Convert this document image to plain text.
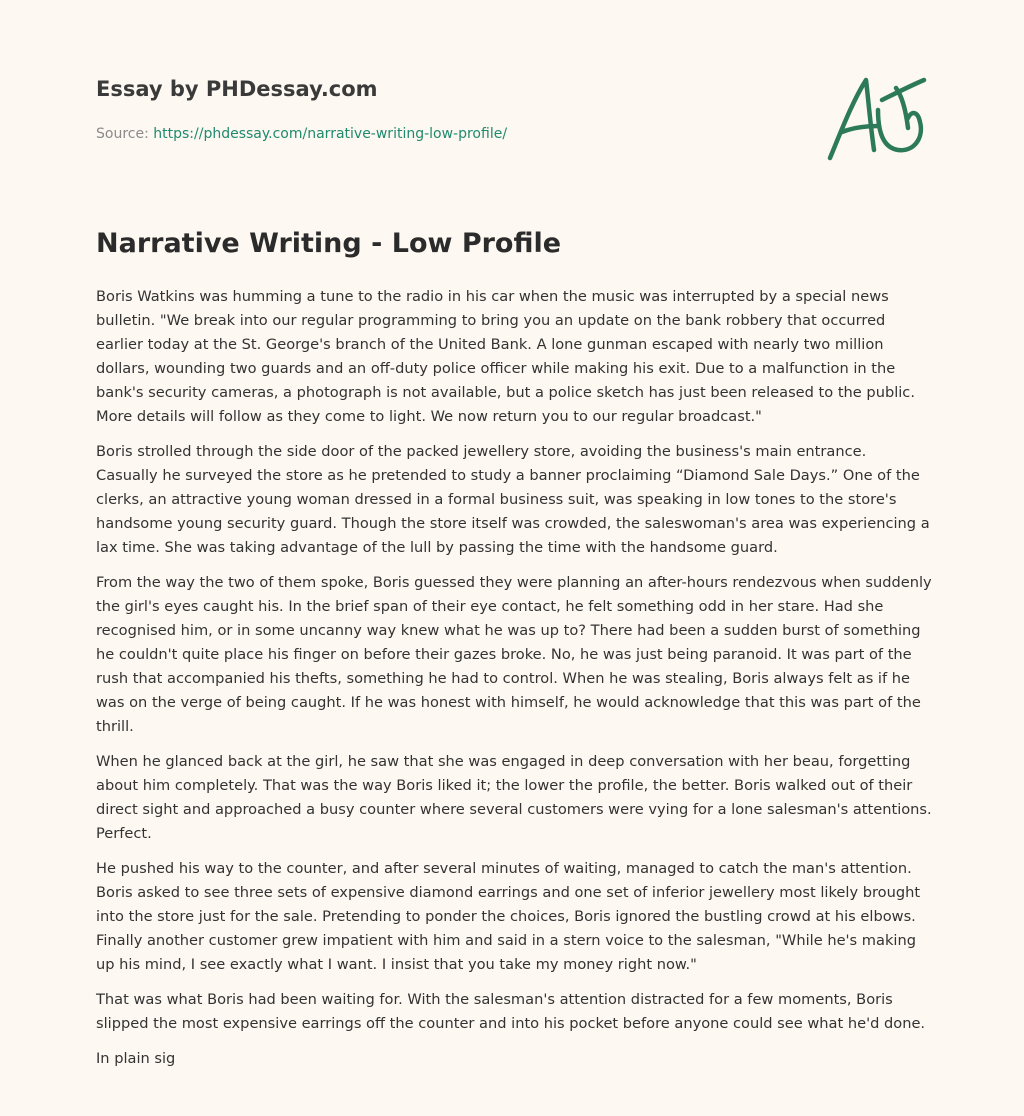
Essay by PHDessay.com
Source: https://phdessay.com/narrative-writing-low-profile/
Narrative Writing - Low Profile

Boris Watkins was humming a tune to the radio in his car when the music was interrupted by a special news bulletin. "We break into our regular programming to bring you an update on the bank robbery that occurred earlier today at the St. George's branch of the United Bank. A lone gunman escaped with nearly two million dollars, wounding two guards and an off-duty police officer while making his exit. Due to a malfunction in the bank's security cameras, a photograph is not available, but a police sketch has just been released to the public. More details will follow as they come to light. We now return you to our regular broadcast."

Boris strolled through the side door of the packed jewellery store, avoiding the business's main entrance. Casually he surveyed the store as he pretended to study a banner proclaiming “Diamond Sale Days.” One of the clerks, an attractive young woman dressed in a formal business suit, was speaking in low tones to the store's handsome young security guard. Though the store itself was crowded, the saleswoman's area was experiencing a lax time. She was taking advantage of the lull by passing the time with the handsome guard.

From the way the two of them spoke, Boris guessed they were planning an after-hours rendezvous when suddenly the girl's eyes caught his. In the brief span of their eye contact, he felt something odd in her stare. Had she recognised him, or in some uncanny way knew what he was up to? There had been a sudden burst of something he couldn't quite place his finger on before their gazes broke. No, he was just being paranoid. It was part of the rush that accompanied his thefts, something he had to control. When he was stealing, Boris always felt as if he was on the verge of being caught. If he was honest with himself, he would acknowledge that this was part of the thrill.

When he glanced back at the girl, he saw that she was engaged in deep conversation with her beau, forgetting about him completely. That was the way Boris liked it; the lower the profile, the better. Boris walked out of their direct sight and approached a busy counter where several customers were vying for a lone salesman's attentions. Perfect.

He pushed his way to the counter, and after several minutes of waiting, managed to catch the man's attention. Boris asked to see three sets of expensive diamond earrings and one set of inferior jewellery most likely brought into the store just for the sale. Pretending to ponder the choices, Boris ignored the bustling crowd at his elbows. Finally another customer grew impatient with him and said in a stern voice to the salesman, "While he's making up his mind, I see exactly what I want. I insist that you take my money right now."

That was what Boris had been waiting for. With the salesman's attention distracted for a few moments, Boris slipped the most expensive earrings off the counter and into his pocket before anyone could see what he'd done.

In plain sig
